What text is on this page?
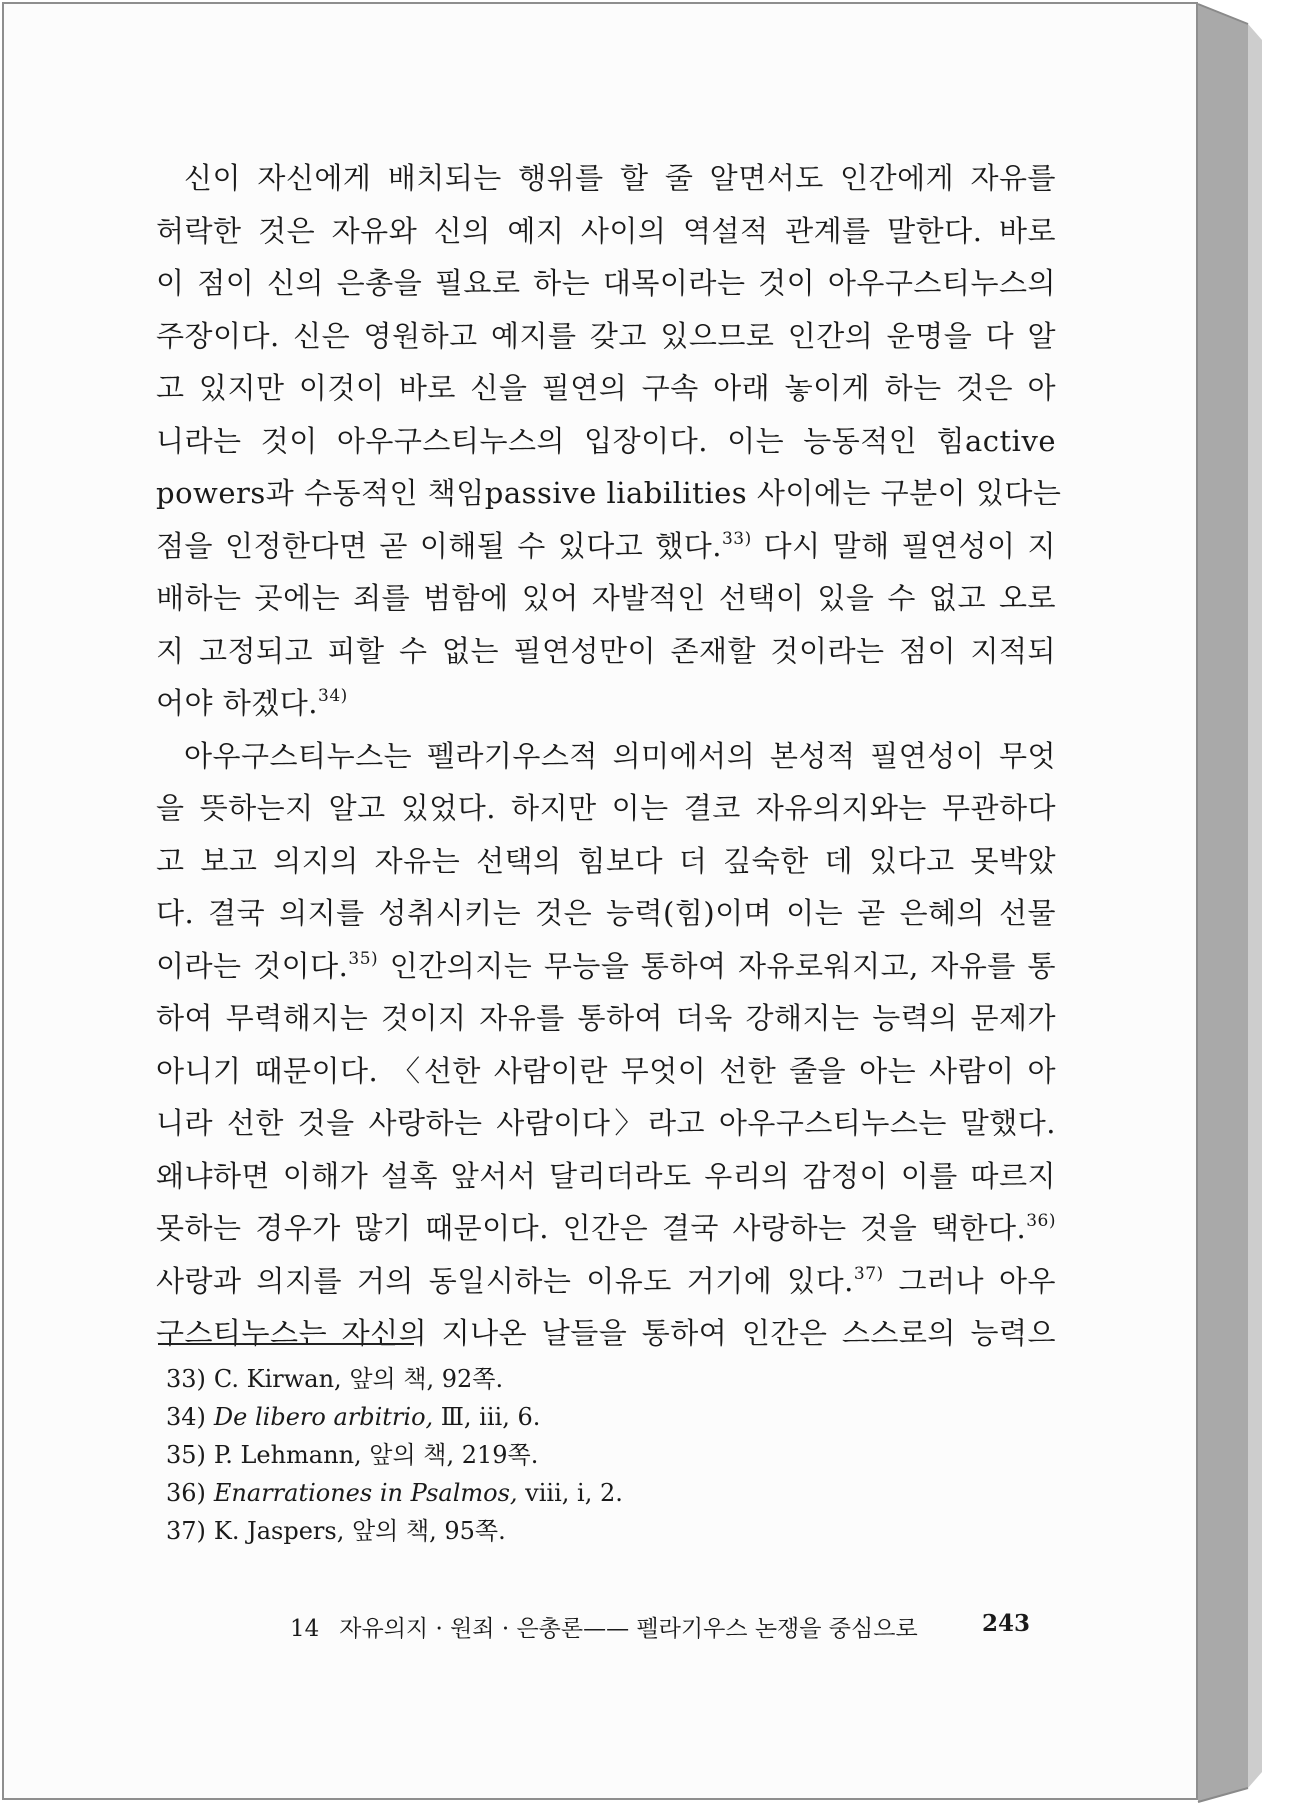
신이 자신에게 배치되는 행위를 할 줄 알면서도 인간에게 자유를
허락한 것은 자유와 신의 예지 사이의 역설적 관계를 말한다. 바로
이 점이 신의 은총을 필요로 하는 대목이라는 것이 아우구스티누스의
주장이다. 신은 영원하고 예지를 갖고 있으므로 인간의 운명을 다 알
고 있지만 이것이 바로 신을 필연의 구속 아래 놓이게 하는 것은 아
니라는 것이 아우구스티누스의 입장이다. 이는 능동적인 힘active
powers과 수동적인 책임passive liabilities 사이에는 구분이 있다는
점을 인정한다면 곧 이해될 수 있다고 했다.$^{33)}$ 다시 말해 필연성이 지
배하는 곳에는 죄를 범함에 있어 자발적인 선택이 있을 수 없고 오로
지 고정되고 피할 수 없는 필연성만이 존재할 것이라는 점이 지적되
어야 하겠다.$^{34)}$
아우구스티누스는 펠라기우스적 의미에서의 본성적 필연성이 무엇
을 뜻하는지 알고 있었다. 하지만 이는 결코 자유의지와는 무관하다
고 보고 의지의 자유는 선택의 힘보다 더 깊숙한 데 있다고 못박았
다. 결국 의지를 성취시키는 것은 능력(힘)이며 이는 곧 은혜의 선물
이라는 것이다.$^{35)}$ 인간의지는 무능을 통하여 자유로워지고, 자유를 통
하여 무력해지는 것이지 자유를 통하여 더욱 강해지는 능력의 문제가
아니기 때문이다. 〈선한 사람이란 무엇이 선한 줄을 아는 사람이 아
니라 선한 것을 사랑하는 사람이다〉라고 아우구스티누스는 말했다.
왜냐하면 이해가 설혹 앞서서 달리더라도 우리의 감정이 이를 따르지
못하는 경우가 많기 때문이다. 인간은 결국 사랑하는 것을 택한다.$^{36)}$
사랑과 의지를 거의 동일시하는 이유도 거기에 있다.$^{37)}$ 그러나 아우
구스티누스는 자신의 지나온 날들을 통하여 인간은 스스로의 능력으
33) C. Kirwan, 앞의 책, 92쪽.
34) De libero arbitrio, Ⅲ, iii, 6.
35) P. Lehmann, 앞의 책, 219쪽.
36) Enarrationes in Psalmos, viii, ⅰ, 2.
37) K. Jaspers, 앞의 책, 95쪽.
14 자유의지 · 원죄 · 은총론—— 펠라기우스 논쟁을 중심으로	243
